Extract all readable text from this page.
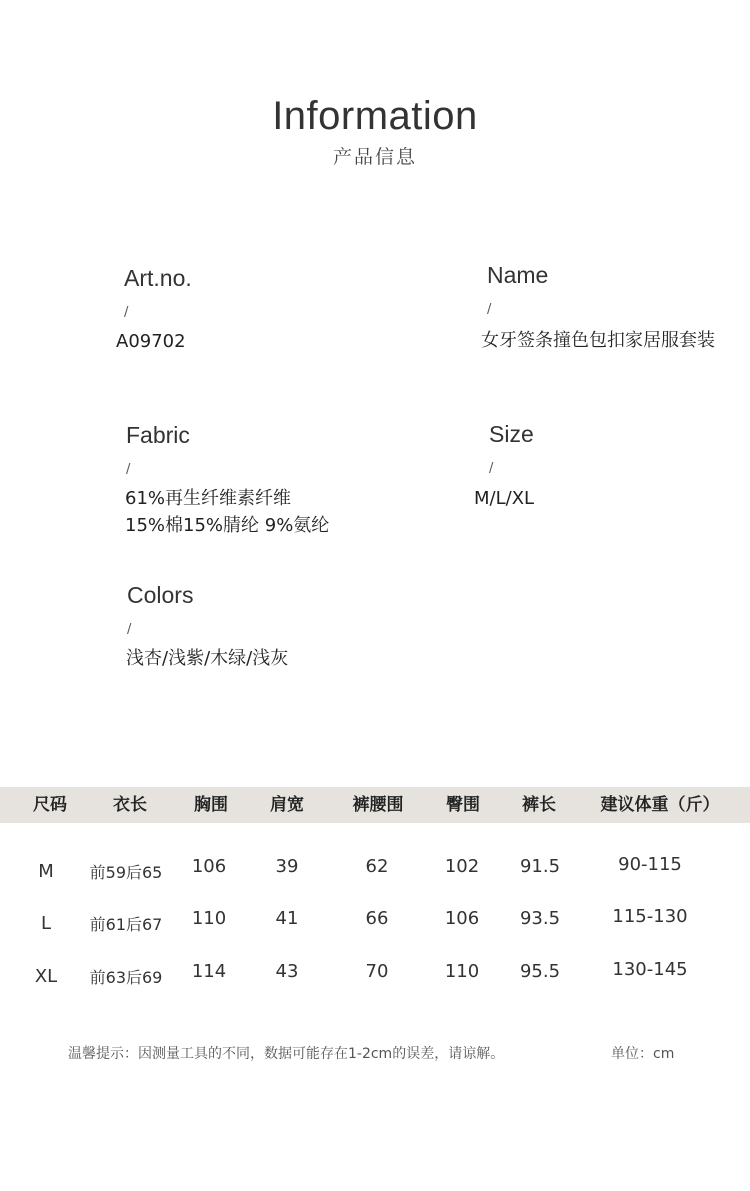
Information
产品信息
Art.no.
/
A09702
Name
/
女牙签条撞色包扣家居服套装
Fabric
/
61%再生纤维素纤维
15%棉15%腈纶 9%氨纶
Size
/
M/L/XL
Colors
/
浅杏/浅紫/木绿/浅灰
尺码	衣长	胸围 肩宽	裤腰围	臀围 裤长	建议体重（斤）
M 前59后65 106	39	62	102 91.5	90-115
L 前61后67 110	41	66	106 93.5	115-130
XL 前63后69 114	43	70	110 95.5	130-145
温馨提示：因测量工具的不同，数据可能存在1-2cm的误差，请谅解。	单位：cm
